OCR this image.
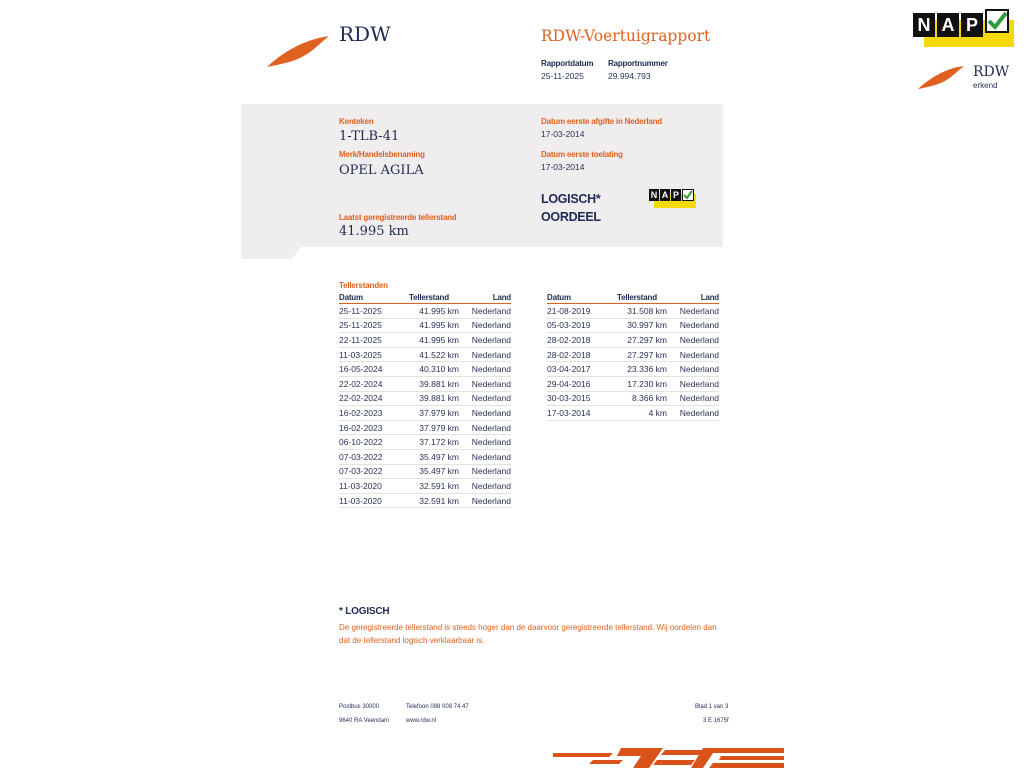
N A P
RDW
erkend
RDW	RDW-Voertuigrapport
Rapportdatum
25-11-2025
Rapportnummer
29.994.793
Kenteken
1-TLB-41
Merk/Handelsbenaming
OPEL AGILA
Laatst geregistreerde tellerstand
41.995 km
Datum eerste afgifte in Nederland
17-03-2014
Datum eerste toelating
17-03-2014
LOGISCH*
OORDEEL
N A P
Tellerstanden
Datum	Tellerstand	Land
25-11-2025	41.995 km	Nederland
25-11-2025	41.995 km	Nederland
22-11-2025	41.995 km	Nederland
11-03-2025	41.522 km	Nederland
16-05-2024	40.310 km	Nederland
22-02-2024	39.881 km	Nederland
22-02-2024	39.881 km	Nederland
16-02-2023	37.979 km	Nederland
16-02-2023	37.979 km	Nederland
06-10-2022	37.172 km	Nederland
07-03-2022	35.497 km	Nederland
07-03-2022	35.497 km	Nederland
11-03-2020	32.591 km	Nederland
11-03-2020	32.591 km	Nederland
Datum	Tellerstand	Land
21-08-2019	31.508 km	Nederland
05-03-2019	30.997 km	Nederland
28-02-2018	27.297 km	Nederland
28-02-2018	27.297 km	Nederland
03-04-2017	23.336 km	Nederland
29-04-2016	17.230 km	Nederland
30-03-2015	8.366 km	Nederland
17-03-2014	4 km	Nederland
* LOGISCH
De geregistreerde tellerstand is steeds hoger dan de daarvoor geregistreerde tellerstand. Wij oordelen dan
dat de tellerstand logisch verklaarbaar is.
Postbus 30000
9640 RA Veendam
Telefoon 088 008 74 47
www.rdw.nl
Blad 1 van 3
3 E 1675f
